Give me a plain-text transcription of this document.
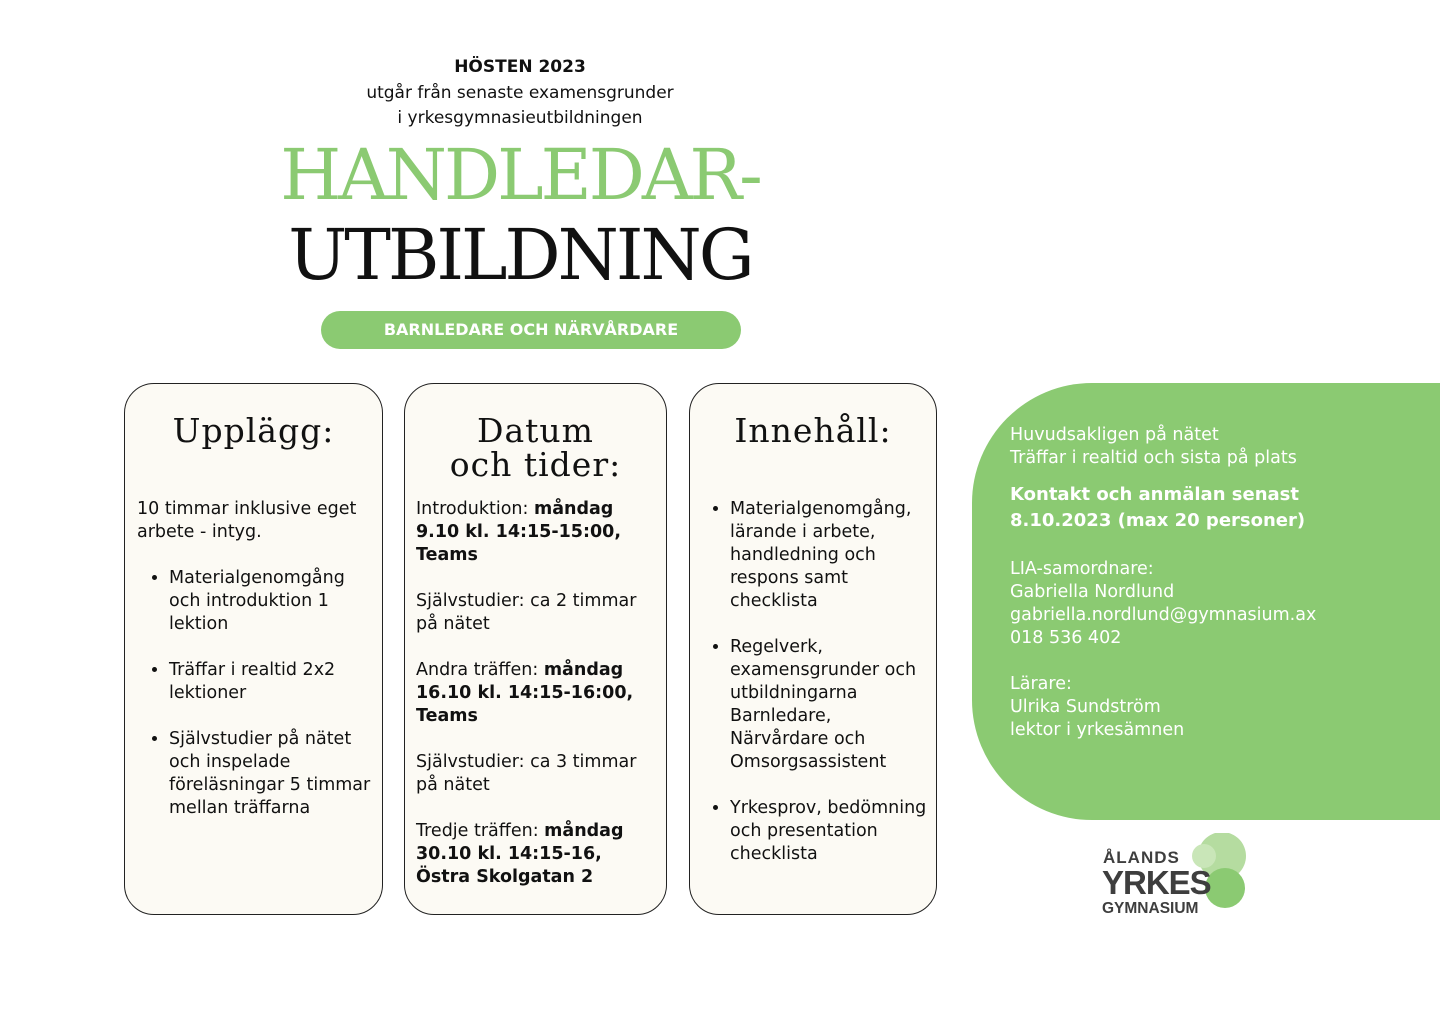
HÖSTEN 2023
utgår från senaste examensgrunder
i yrkesgymnasieutbildningen
HANDLEDAR-
UTBILDNING
BARNLEDARE OCH NÄRVÅRDARE
Upplägg:

10 timmar inklusive eget
arbete - intyg.

• Materialgenomgång och introduktion 1 lektion
• Träffar i realtid 2x2 lektioner
• Självstudier på nätet och inspelade föreläsningar 5 timmar mellan träffarna
Datum
och tider:

Introduktion: måndag 9.10 kl. 14:15-15:00, Teams

Självstudier: ca 2 timmar på nätet

Andra träffen: måndag 16.10 kl. 14:15-16:00, Teams

Självstudier: ca 3 timmar på nätet

Tredje träffen: måndag 30.10 kl. 14:15-16, Östra Skolgatan 2

Innehåll:
• Materialgenomgång, lärande i arbete, handledning och respons samt checklista
• Regelverk, examensgrunder och utbildningarna Barnledare, Närvårdare och Omsorgsassistent
• Yrkesprov, bedömning och presentation checklista

Huvudsakligen på nätet

Träffar i realtid och sista på plats

Kontakt och anmälan senast 8.10.2023 (max 20 personer)

LIA-samordnare:

Gabriella Nordlund

gabriella.nordlund@gymnasium.ax

018 536 402

Lärare:

Ulrika Sundström

lektor i yrkesämnen

ÅLANDS
YRKES
GYMNASIUM
